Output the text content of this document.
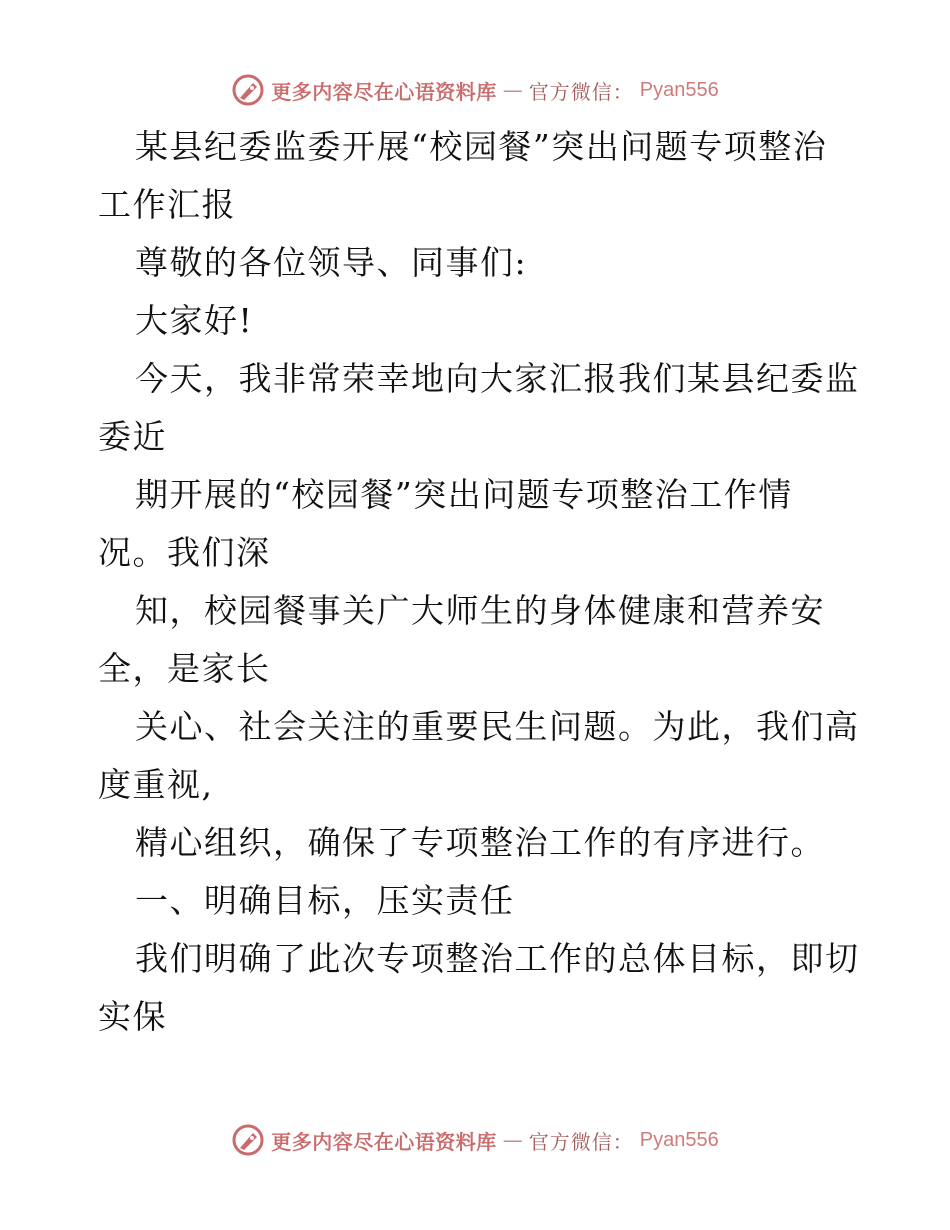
更多内容尽在心语资料库 — 官方微信： Pyan556
某县纪委监委开展“校园餐”突出问题专项整治
工作汇报
尊敬的各位领导、同事们:
大家好!
今天，我非常荣幸地向大家汇报我们某县纪委监
委近
期开展的“校园餐”突出问题专项整治工作情
况。我们深
知，校园餐事关广大师生的身体健康和营养安
全，是家长
关心、社会关注的重要民生问题。为此，我们高
度重视,
精心组织，确保了专项整治工作的有序进行。
一、明确目标，压实责任
我们明确了此次专项整治工作的总体目标，即切
实保
更多内容尽在心语资料库 — 官方微信： Pyan556
